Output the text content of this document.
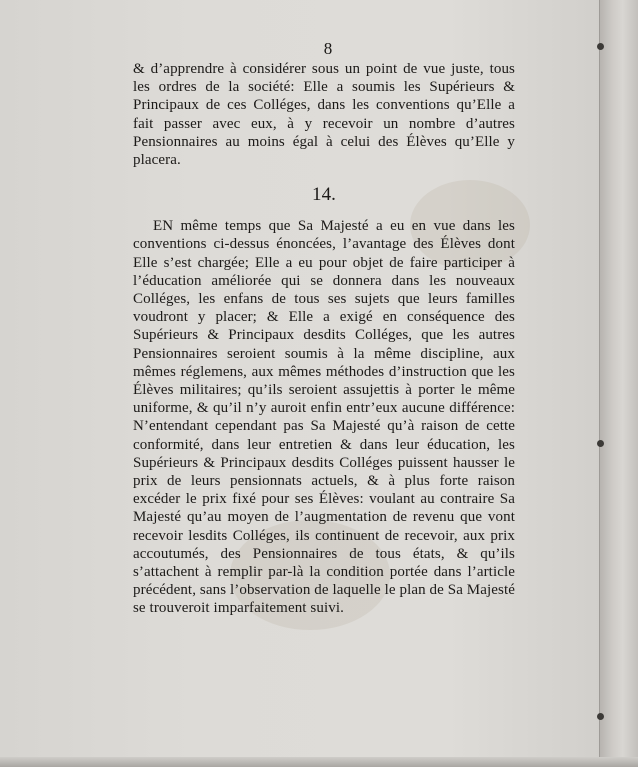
8

& d’apprendre à considérer sous un point de vue juste, tous les ordres de la société: Elle a soumis les Supérieurs & Principaux de ces Colléges, dans les conventions qu’Elle a fait passer avec eux, à y recevoir un nombre d’autres Pensionnaires au moins égal à celui des Élèves qu’Elle y placera.

14.

EN même temps que Sa Majesté a eu en vue dans les conventions ci-dessus énoncées, l’avantage des Élèves dont Elle s’est chargée; Elle a eu pour objet de faire participer à l’éducation améliorée qui se donnera dans les nouveaux Colléges, les enfans de tous ses sujets que leurs familles voudront y placer; & Elle a exigé en conséquence des Supérieurs & Principaux desdits Colléges, que les autres Pensionnaires seroient soumis à la même discipline, aux mêmes réglemens, aux mêmes méthodes d’instruction que les Élèves militaires; qu’ils seroient assujettis à porter le même uniforme, & qu’il n’y auroit enfin entr’eux aucune différence: N’entendant cependant pas Sa Majesté qu’à raison de cette conformité, dans leur entretien & dans leur éducation, les Supérieurs & Principaux desdits Colléges puissent hausser le prix de leurs pensionnats actuels, & à plus forte raison excéder le prix fixé pour ses Élèves: voulant au contraire Sa Majesté qu’au moyen de l’augmentation de revenu que vont recevoir lesdits Colléges, ils continuent de recevoir, aux prix accoutumés, des Pensionnaires de tous états, & qu’ils s’attachent à remplir par-là la condition portée dans l’article précédent, sans l’observation de laquelle le plan de Sa Majesté se trouveroit imparfaitement suivi.
